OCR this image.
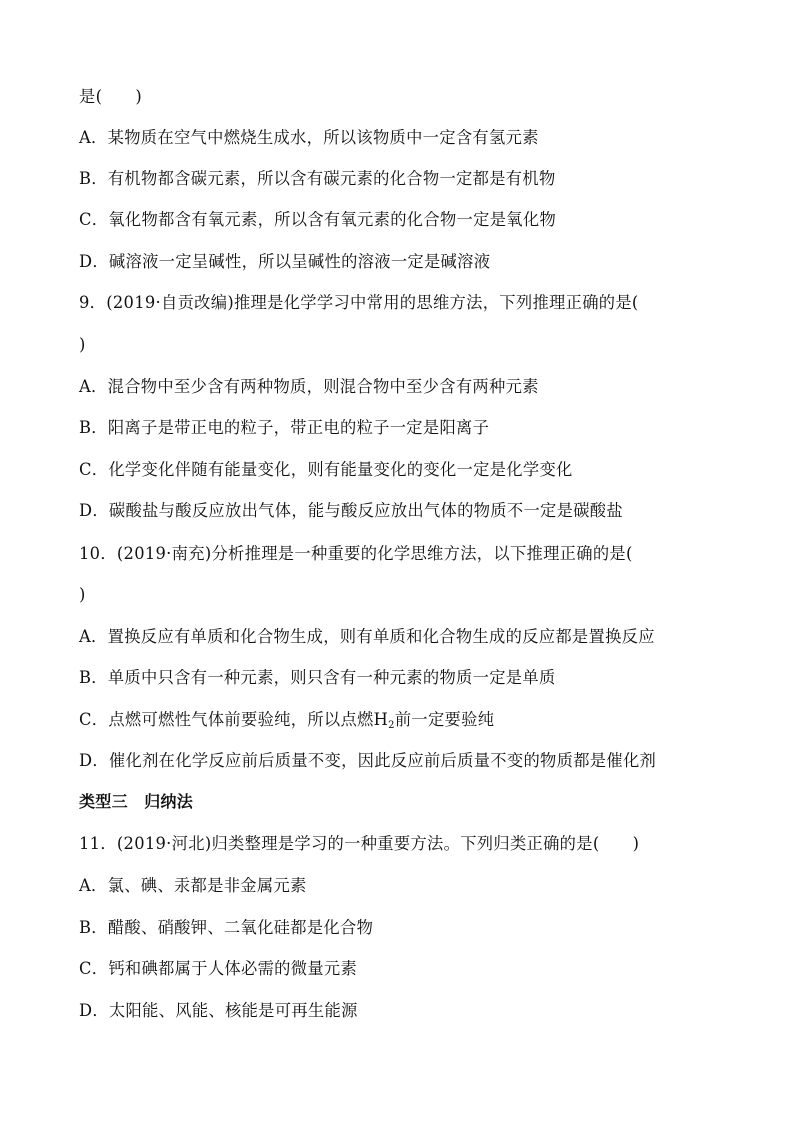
是(　　)
A．某物质在空气中燃烧生成水，所以该物质中一定含有氢元素
B．有机物都含碳元素，所以含有碳元素的化合物一定都是有机物
C．氧化物都含有氧元素，所以含有氧元素的化合物一定是氧化物
D．碱溶液一定呈碱性，所以呈碱性的溶液一定是碱溶液
9．(2019·自贡改编)推理是化学学习中常用的思维方法，下列推理正确的是(
)
A．混合物中至少含有两种物质，则混合物中至少含有两种元素
B．阳离子是带正电的粒子，带正电的粒子一定是阳离子
C．化学变化伴随有能量变化，则有能量变化的变化一定是化学变化
D．碳酸盐与酸反应放出气体，能与酸反应放出气体的物质不一定是碳酸盐
10．(2019·南充)分析推理是一种重要的化学思维方法，以下推理正确的是(
)
A．置换反应有单质和化合物生成，则有单质和化合物生成的反应都是置换反应
B．单质中只含有一种元素，则只含有一种元素的物质一定是单质
C．点燃可燃性气体前要验纯，所以点燃$H_2$前一定要验纯
D．催化剂在化学反应前后质量不变，因此反应前后质量不变的物质都是催化剂
类型三　归纳法
11．(2019·河北)归类整理是学习的一种重要方法。下列归类正确的是(　　)
A．氯、碘、汞都是非金属元素
B．醋酸、硝酸钾、二氧化硅都是化合物
C．钙和碘都属于人体必需的微量元素
D．太阳能、风能、核能是可再生能源
